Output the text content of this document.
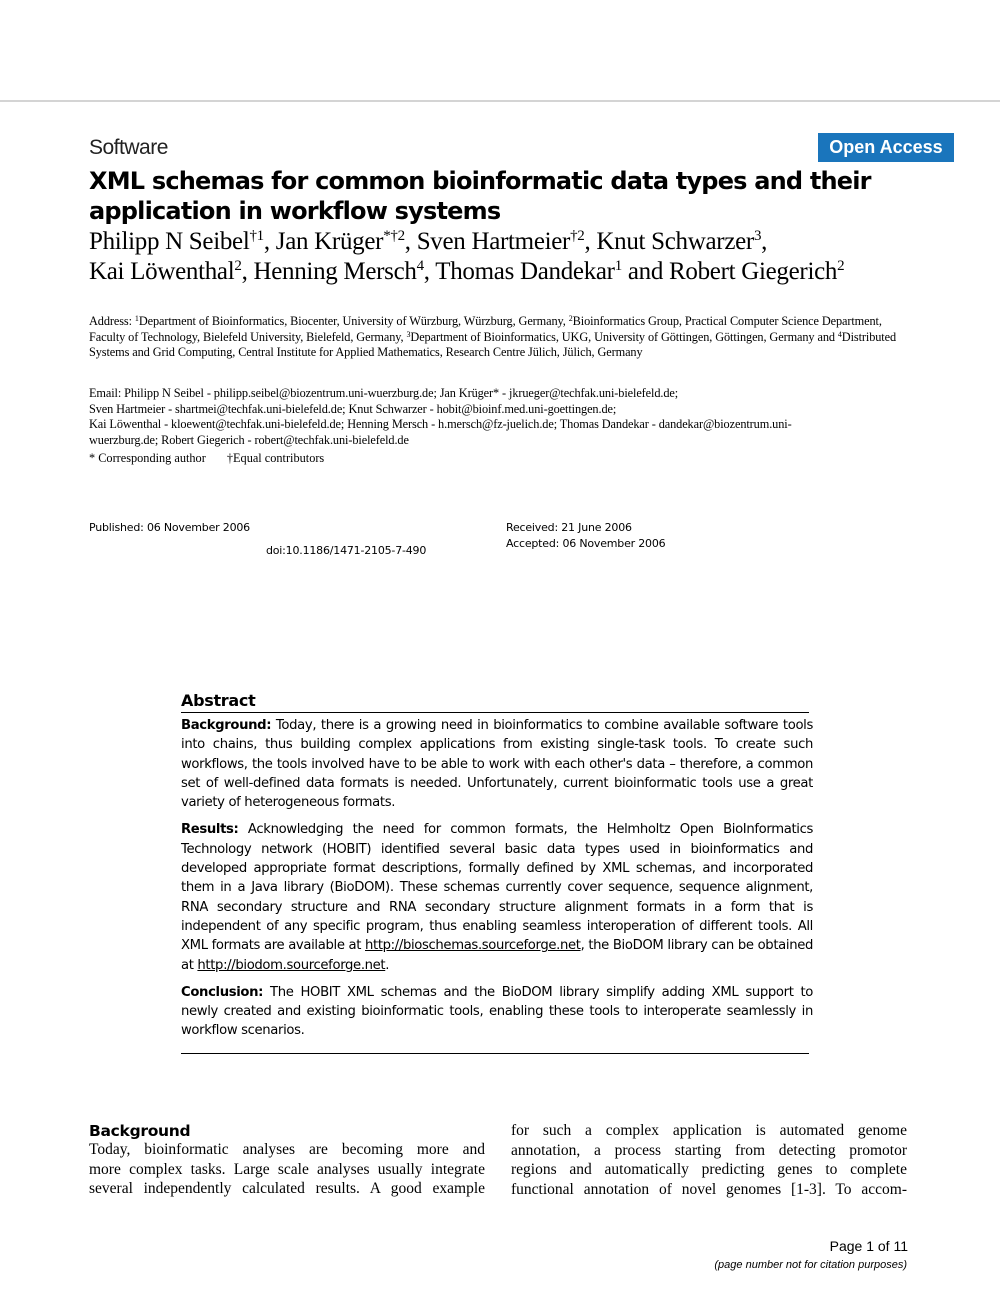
Software	Open Access
XML schemas for common bioinformatic data types and their application in workflow systems
Philipp N Seibel$^{\dagger 1}$, Jan Krüger$^{*\dagger 2}$, Sven Hartmeier$^{\dagger 2}$, Knut Schwarzer$^3$,
Kai Löwenthal$^2$, Henning Mersch$^4$, Thomas Dandekar$^1$ and Robert Giegerich$^2$
Address: $^1$Department of Bioinformatics, Biocenter, University of Würzburg, Würzburg, Germany, $^2$Bioinformatics Group, Practical Computer Science Department, Faculty of Technology, Bielefeld University, Bielefeld, Germany, $^3$Department of Bioinformatics, UKG, University of Göttingen, Göttingen, Germany and $^4$Distributed Systems and Grid Computing, Central Institute for Applied Mathematics, Research Centre Jülich, Jülich, Germany
Email: Philipp N Seibel - philipp.seibel@biozentrum.uni-wuerzburg.de; Jan Krüger* - jkrueger@techfak.uni-bielefeld.de;
Sven Hartmeier - shartmei@techfak.uni-bielefeld.de; Knut Schwarzer - hobit@bioinf.med.uni-goettingen.de;
Kai Löwenthal - kloewent@techfak.uni-bielefeld.de; Henning Mersch - h.mersch@fz-juelich.de; Thomas Dandekar - dandekar@biozentrum.uni-
wuerzburg.de; Robert Giegerich - robert@techfak.uni-bielefeld.de
* Corresponding author †Equal contributors
Published: 06 November 2006
doi:10.1186/1471-2105-7-490
Received: 21 June 2006
Accepted: 06 November 2006
Abstract

Background: Today, there is a growing need in bioinformatics to combine available software tools into chains, thus building complex applications from existing single-task tools. To create such workflows, the tools involved have to be able to work with each other's data – therefore, a common set of well-defined data formats is needed. Unfortunately, current bioinformatic tools use a great variety of heterogeneous formats.

Results: Acknowledging the need for common formats, the Helmholtz Open BioInformatics Technology network (HOBIT) identified several basic data types used in bioinformatics and developed appropriate format descriptions, formally defined by XML schemas, and incorporated them in a Java library (BioDOM). These schemas currently cover sequence, sequence alignment, RNA secondary structure and RNA secondary structure alignment formats in a form that is independent of any specific program, thus enabling seamless interoperation of different tools. All XML formats are available at http://bioschemas.sourceforge.net, the BioDOM library can be obtained at http://biodom.sourceforge.net.

Conclusion: The HOBIT XML schemas and the BioDOM library simplify adding XML support to newly created and existing bioinformatic tools, enabling these tools to interoperate seamlessly in workflow scenarios.

Background
Today, bioinformatic analyses are becoming more and
more complex tasks. Large scale analyses usually integrate
several independently calculated results. A good example
for such a complex application is automated genome
annotation, a process starting from detecting promotor
regions and automatically predicting genes to complete
functional annotation of novel genomes [1-3]. To accom-
Page 1 of 11
(page number not for citation purposes)
